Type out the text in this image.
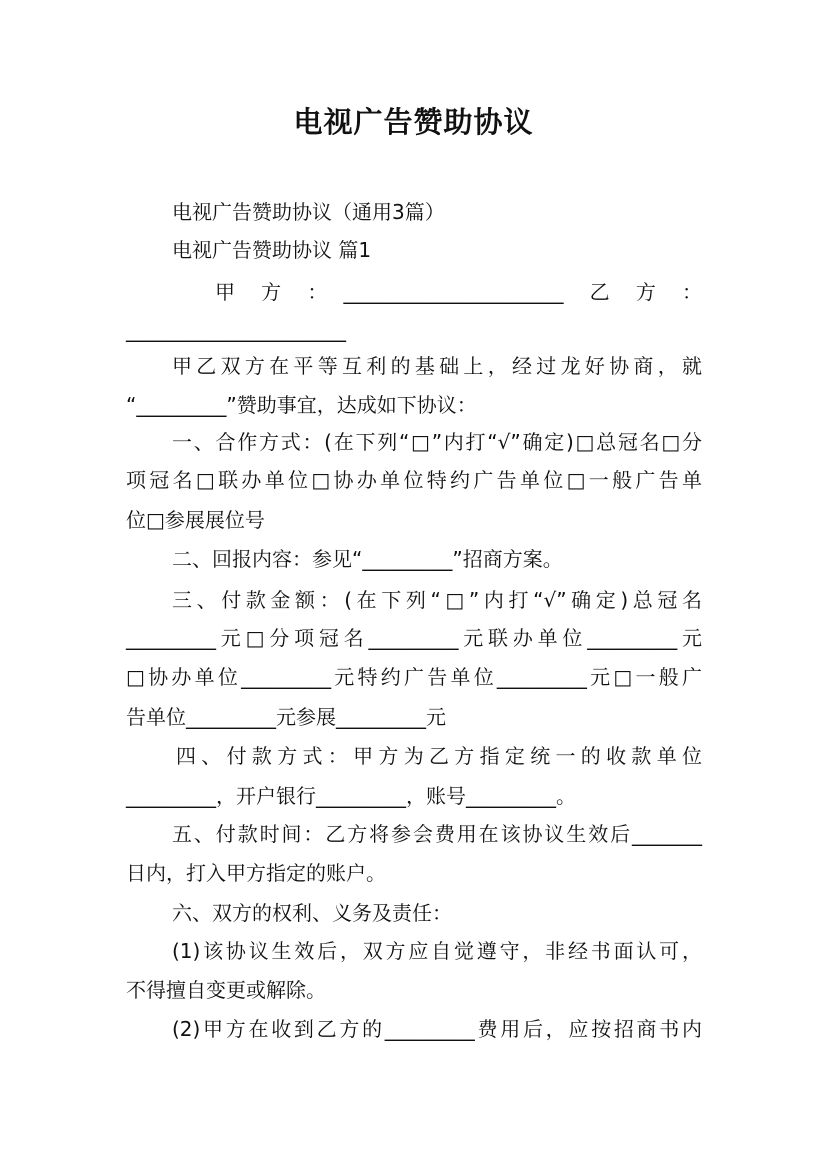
电视广告赞助协议
电视广告赞助协议（通用3篇）
电视广告赞助协议 篇1
甲　方　：　______________________　乙　方　：
______________________
甲乙双方在平等互利的基础上，经过龙好协商，就
“_________”赞助事宜，达成如下协议：
一、合作方式：(在下列“□”内打“√”确定)□总冠名□分
项冠名□联办单位□协办单位特约广告单位□一般广告单
位□参展展位号
二、回报内容：参见“_________”招商方案。
三、付款金额：(在下列“□”内打“√”确定)总冠名
_________元□分项冠名_________元联办单位_________元
□协办单位_________元特约广告单位_________元□一般广
告单位_________元参展_________元
四、付款方式：甲方为乙方指定统一的收款单位
_________，开户银行_________，账号_________。
五、付款时间：乙方将参会费用在该协议生效后_______
日内，打入甲方指定的账户。
六、双方的权利、义务及责任：
(1)该协议生效后，双方应自觉遵守，非经书面认可，
不得擅自变更或解除。
(2)甲方在收到乙方的_________费用后，应按招商书内
